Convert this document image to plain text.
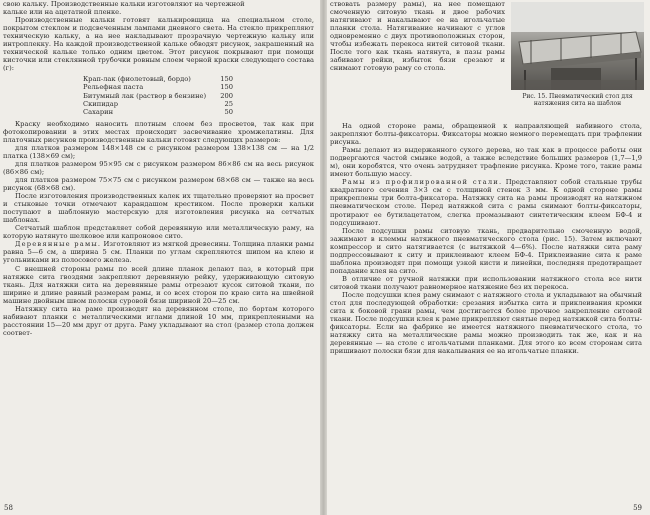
свою кальку. Производственные кальки изготовляют на чертежной

кальке или на ацетатной пленке.

Производственные кальки готовят калькировщица на специальном столе, покрытом стеклом и подсвеченным лампами дневного света. На стекло прикрепляют техническую кальку, а на нее накладывают прозрачную чертежную кальку или интроплекку. На каждой производственной кальке обводят рисунок, закрашенный на технической кальке только одним цветом. Этот рисунок покрывают при помощи кисточки или стеклянной трубочки ровным слоем черной краски следующего состава (г):

Крап-лак (фиолетовый, бордо)	150
Рельефная паста	150
Битумный лак (раствор в бензине) 200
Скипидар	25
Сахарин	50

Краску необходимо наносить плотным слоем без просветов, так как при фотокопировании в этих местах происходит засвечивание хромжелатины. Для платочных рисунков производственные кальки готовят следующих размеров:

для платков размером 148×148 см с рисунком размером 138×138 см — на 1/2 платка (138×69 см);

для платков размером 95×95 см с рисунком размером 86×86 см на весь рисунок (86×86 см);

для платков размером 75×75 см с рисунком размером 68×68 см — также на весь рисунок (68×68 см).

После изготовления производственных калек их тщательно проверяют на просвет и стыковые точки отмечают карандашом крестиком. После проверки кальки поступают в шаблонную мастерскую для изготовления рисунка на сетчатых шаблонах.

Сетчатый шаблон представляет собой деревянную или металлическую раму, на которую натянуто шелковое или капроновое сито.

Деревянные рамы. Изготовляют из мягкой древесины. Толщина планки рамы равна 5—6 см, а ширина 5 см. Планки по углам скрепляются шипом на клею и угольниками из полосового железа.

С внешней стороны рамы по всей длине планок делают паз, в который при натяжке сита гвоздями закрепляют деревянную рейку, удерживающую ситовую ткань. Для натяжки сита на деревянные рамы отрезают кусок ситовой ткани, по ширине и длине равный размерам рамы, и со всех сторон по краю сита на швейной машине двойным швом полоски суровой бязи шириной 20—25 см.

Натяжку сита на раме производят на деревянном столе, по бортам которого набивают планки с металлическими иглами длиной 10 мм, прикрепленными на расстоянии 15—20 мм друг от друга. Раму укладывают на стол (размер стола должен соответ-

58

ствовать размеру рамы), на нее помещают смоченную ситовую ткань и двое рабочих натягивают и накалывают ее на игольчатые планки стола. Натягивание начинают с углов одновременно с двух противоположных сторон, чтобы избежать перекоса нитей ситовой ткани. После того как ткань натянута, в пазы рамы забивают рейки, избыток бязи срезают и снимают готовую раму со стола.

Рис. 15. Пневматический стол для натяжения сита на шаблон

На одной стороне рамы, обращенной к направляющей набивного стола, закрепляют болты-фиксаторы. Фиксаторы можно немного перемещать при трафлении рисунка.

Рамы делают из выдержанного сухого дерева, но так как в процессе работы они подвергаются частой смывке водой, а также вследствие больших размеров (1,7—1,9 м), они коробятся, что очень затрудняет трафление рисунка. Кроме того, такие рамы имеют большую массу.

Рамы из профилированной стали. Представляют собой стальные трубы квадратного сечения 3×3 см с толщиной стенок 3 мм. К одной стороне рамы прикреплены три болта-фиксатора. Натяжку сита на рамы производят на натяжном пневматическом столе. Перед натяжкой сита с рамы снимают болты-фиксаторы, протирают ее бутилацетатом, слегка промазывают синтетическим клеем БФ-4 и подсушивают.

После подсушки рамы ситовую ткань, предварительно смоченную водой, зажимают в клеммы натяжного пневматического стола (рис. 15). Затем включают компрессор и сито натягивается (с вытяжкой 4—6%). После натяжки сита раму подпрессовывают к ситу и приклеивают клеем БФ-4. Приклеивание сита к раме шаблона производят при помощи узкой кисти и линейки, последняя предотвращает попадание клея на сито.

В отличие от ручной натяжки при использовании натяжного стола все нити ситовой ткани получают равномерное натяжение без их перекоса.

После подсушки клея раму снимают с натяжного стола и укладывают на обычный стол для последующей обработки: срезания избытка сита и приклеивания кромки сита к боковой грани рамы, чем достигается более прочное закрепление ситовой ткани. После подсушки клея к раме прикрепляют снятые перед натяжкой сита болты-фиксаторы. Если на фабрике не имеется натяжного пневматического стола, то натяжку сита на металлические рамы можно производить так же, как и на деревянные — на столе с игольчатыми планками. Для этого ко всем сторонам сита пришивают полоски бязи для накалывания ее на игольчатые планки.

59
